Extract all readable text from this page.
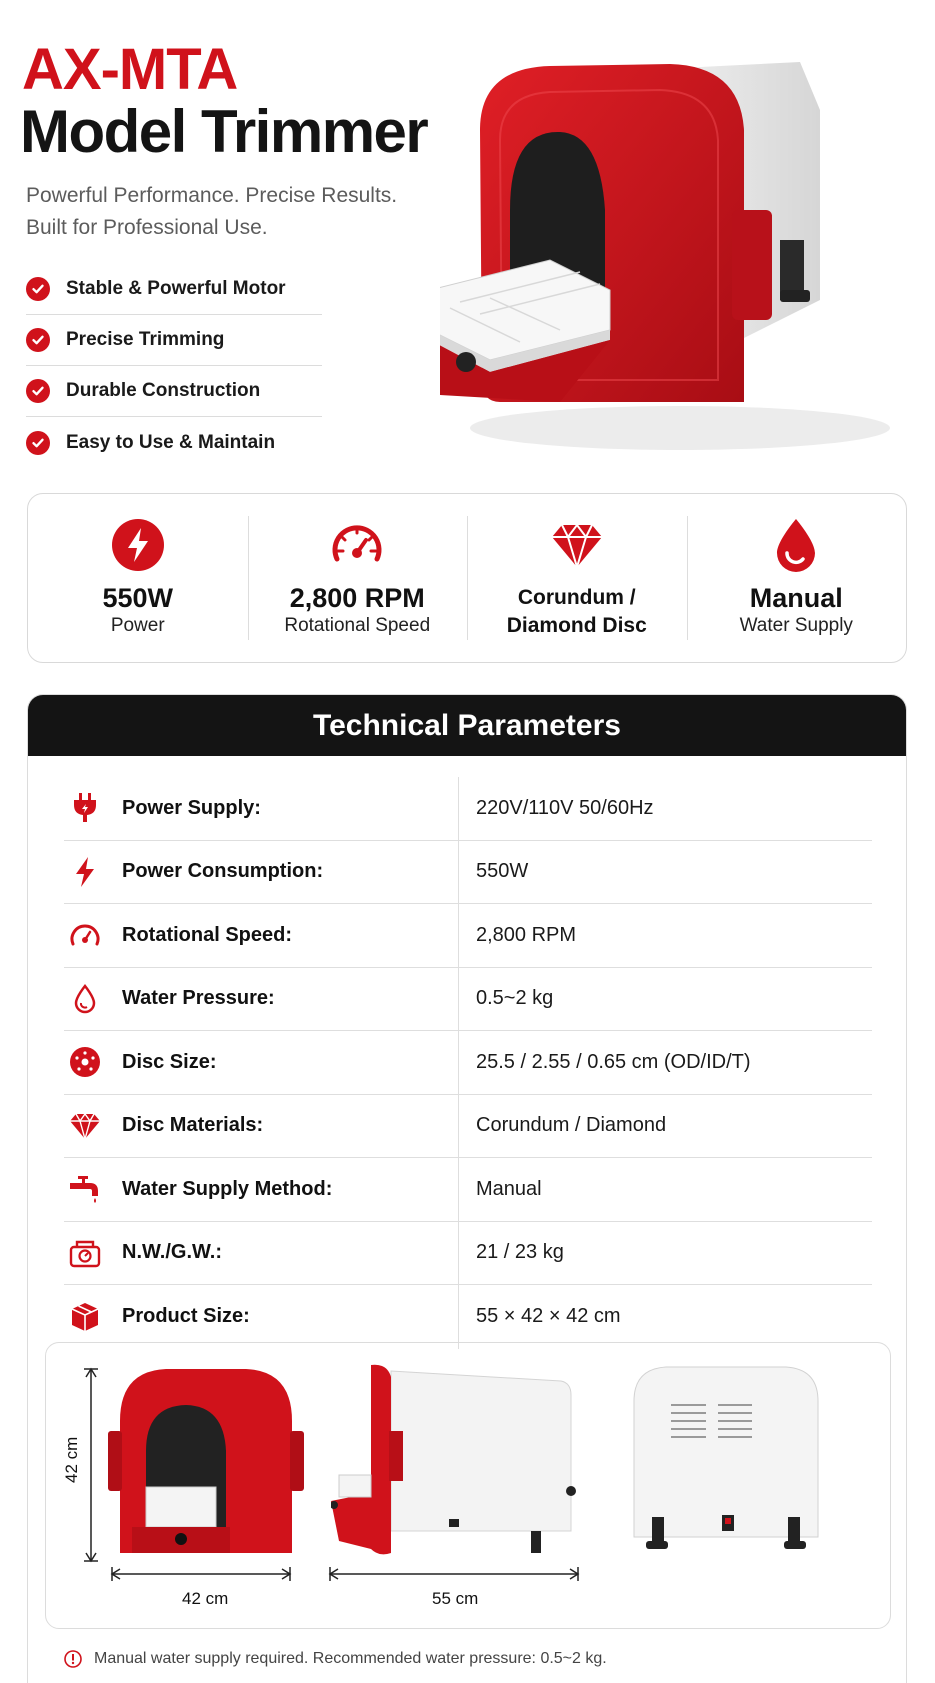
AX-MTA
Model Trimmer
Powerful Performance. Precise Results.
Built for Professional Use.
Stable & Powerful Motor
Precise Trimming
Durable Construction
Easy to Use & Maintain
550W
Power
2,800 RPM
Rotational Speed
Corundum /
Diamond Disc
Manual
Water Supply
Technical Parameters
Power Supply:	220V/110V 50/60Hz
Power Consumption:	550W
Rotational Speed:	2,800 RPM
Water Pressure:	0.5~2 kg
Disc Size:	25.5 / 2.55 / 0.65 cm (OD/ID/T)
Disc Materials:	Corundum / Diamond
Water Supply Method:	Manual
N.W./G.W.:	21 / 23 kg
Product Size:	55 × 42 × 42 cm
42 cm
42 cm	55 cm
Manual water supply required. Recommended water pressure: 0.5~2 kg.
